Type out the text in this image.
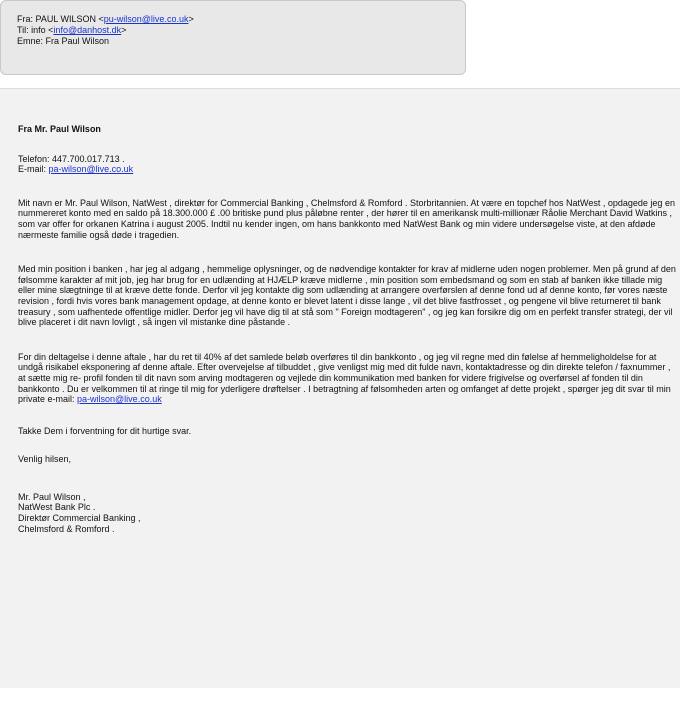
Fra: PAUL WILSON <pu-wilson@live.co.uk>
Til: info <info@danhost.dk>
Emne: Fra Paul Wilson

Fra Mr. Paul Wilson

Telefon: 447.700.017.713 .
E-mail: pa-wilson@live.co.uk

Mit navn er Mr. Paul Wilson, NatWest , direktør for Commercial Banking , Chelmsford & Romford . Storbritannien. At være en topchef hos NatWest , opdagede jeg en nummereret konto med en saldo på 18.300.000 £ .00 britiske pund plus påløbne renter , der hører til en amerikansk multi-millionær Råolie Merchant David Watkins , som var offer for orkanen Katrina i august 2005. Indtil nu kender ingen, om hans bankkonto med NatWest Bank og min videre undersøgelse viste, at den afdøde nærmeste familie også døde i tragedien.

Med min position i banken , har jeg al adgang , hemmelige oplysninger, og de nødvendige kontakter for krav af midlerne uden nogen problemer. Men på grund af den følsomme karakter af mit job, jeg har brug for en udlænding at HJÆLP kræve midlerne , min position som embedsmand og som en stab af banken ikke tillade mig eller mine slægtninge til at kræve dette fonde. Derfor vil jeg kontakte dig som udlænding at arrangere overførslen af denne fond ud af denne konto, før vores næste revision , fordi hvis vores bank management opdage, at denne konto er blevet latent i disse lange , vil det blive fastfrosset , og pengene vil blive returneret til bank treasury , som uafhentede offentlige midler. Derfor jeg vil have dig til at stå som " Foreign modtageren" , og jeg kan forsikre dig om en perfekt transfer strategi, der vil blive placeret i dit navn lovligt , så ingen vil mistanke dine påstande .

For din deltagelse i denne aftale , har du ret til 40% af det samlede beløb overføres til din bankkonto , og jeg vil regne med din følelse af hemmeligholdelse for at undgå risikabel eksponering af denne aftale. Efter overvejelse af tilbuddet , give venligst mig med dit fulde navn, kontaktadresse og din direkte telefon / faxnummer , at sætte mig re- profil fonden til dit navn som arving modtageren og vejlede din kommunikation med banken for videre frigivelse og overførsel af fonden til din bankkonto . Du er velkommen til at ringe til mig for yderligere drøftelser . I betragtning af følsomheden arten og omfanget af dette projekt , spørger jeg dit svar til min private e-mail: pa-wilson@live.co.uk

Takke Dem i forventning for dit hurtige svar.

Venlig hilsen,

Mr. Paul Wilson ,
NatWest Bank Plc .
Direktør Commercial Banking ,
Chelmsford & Romford .
